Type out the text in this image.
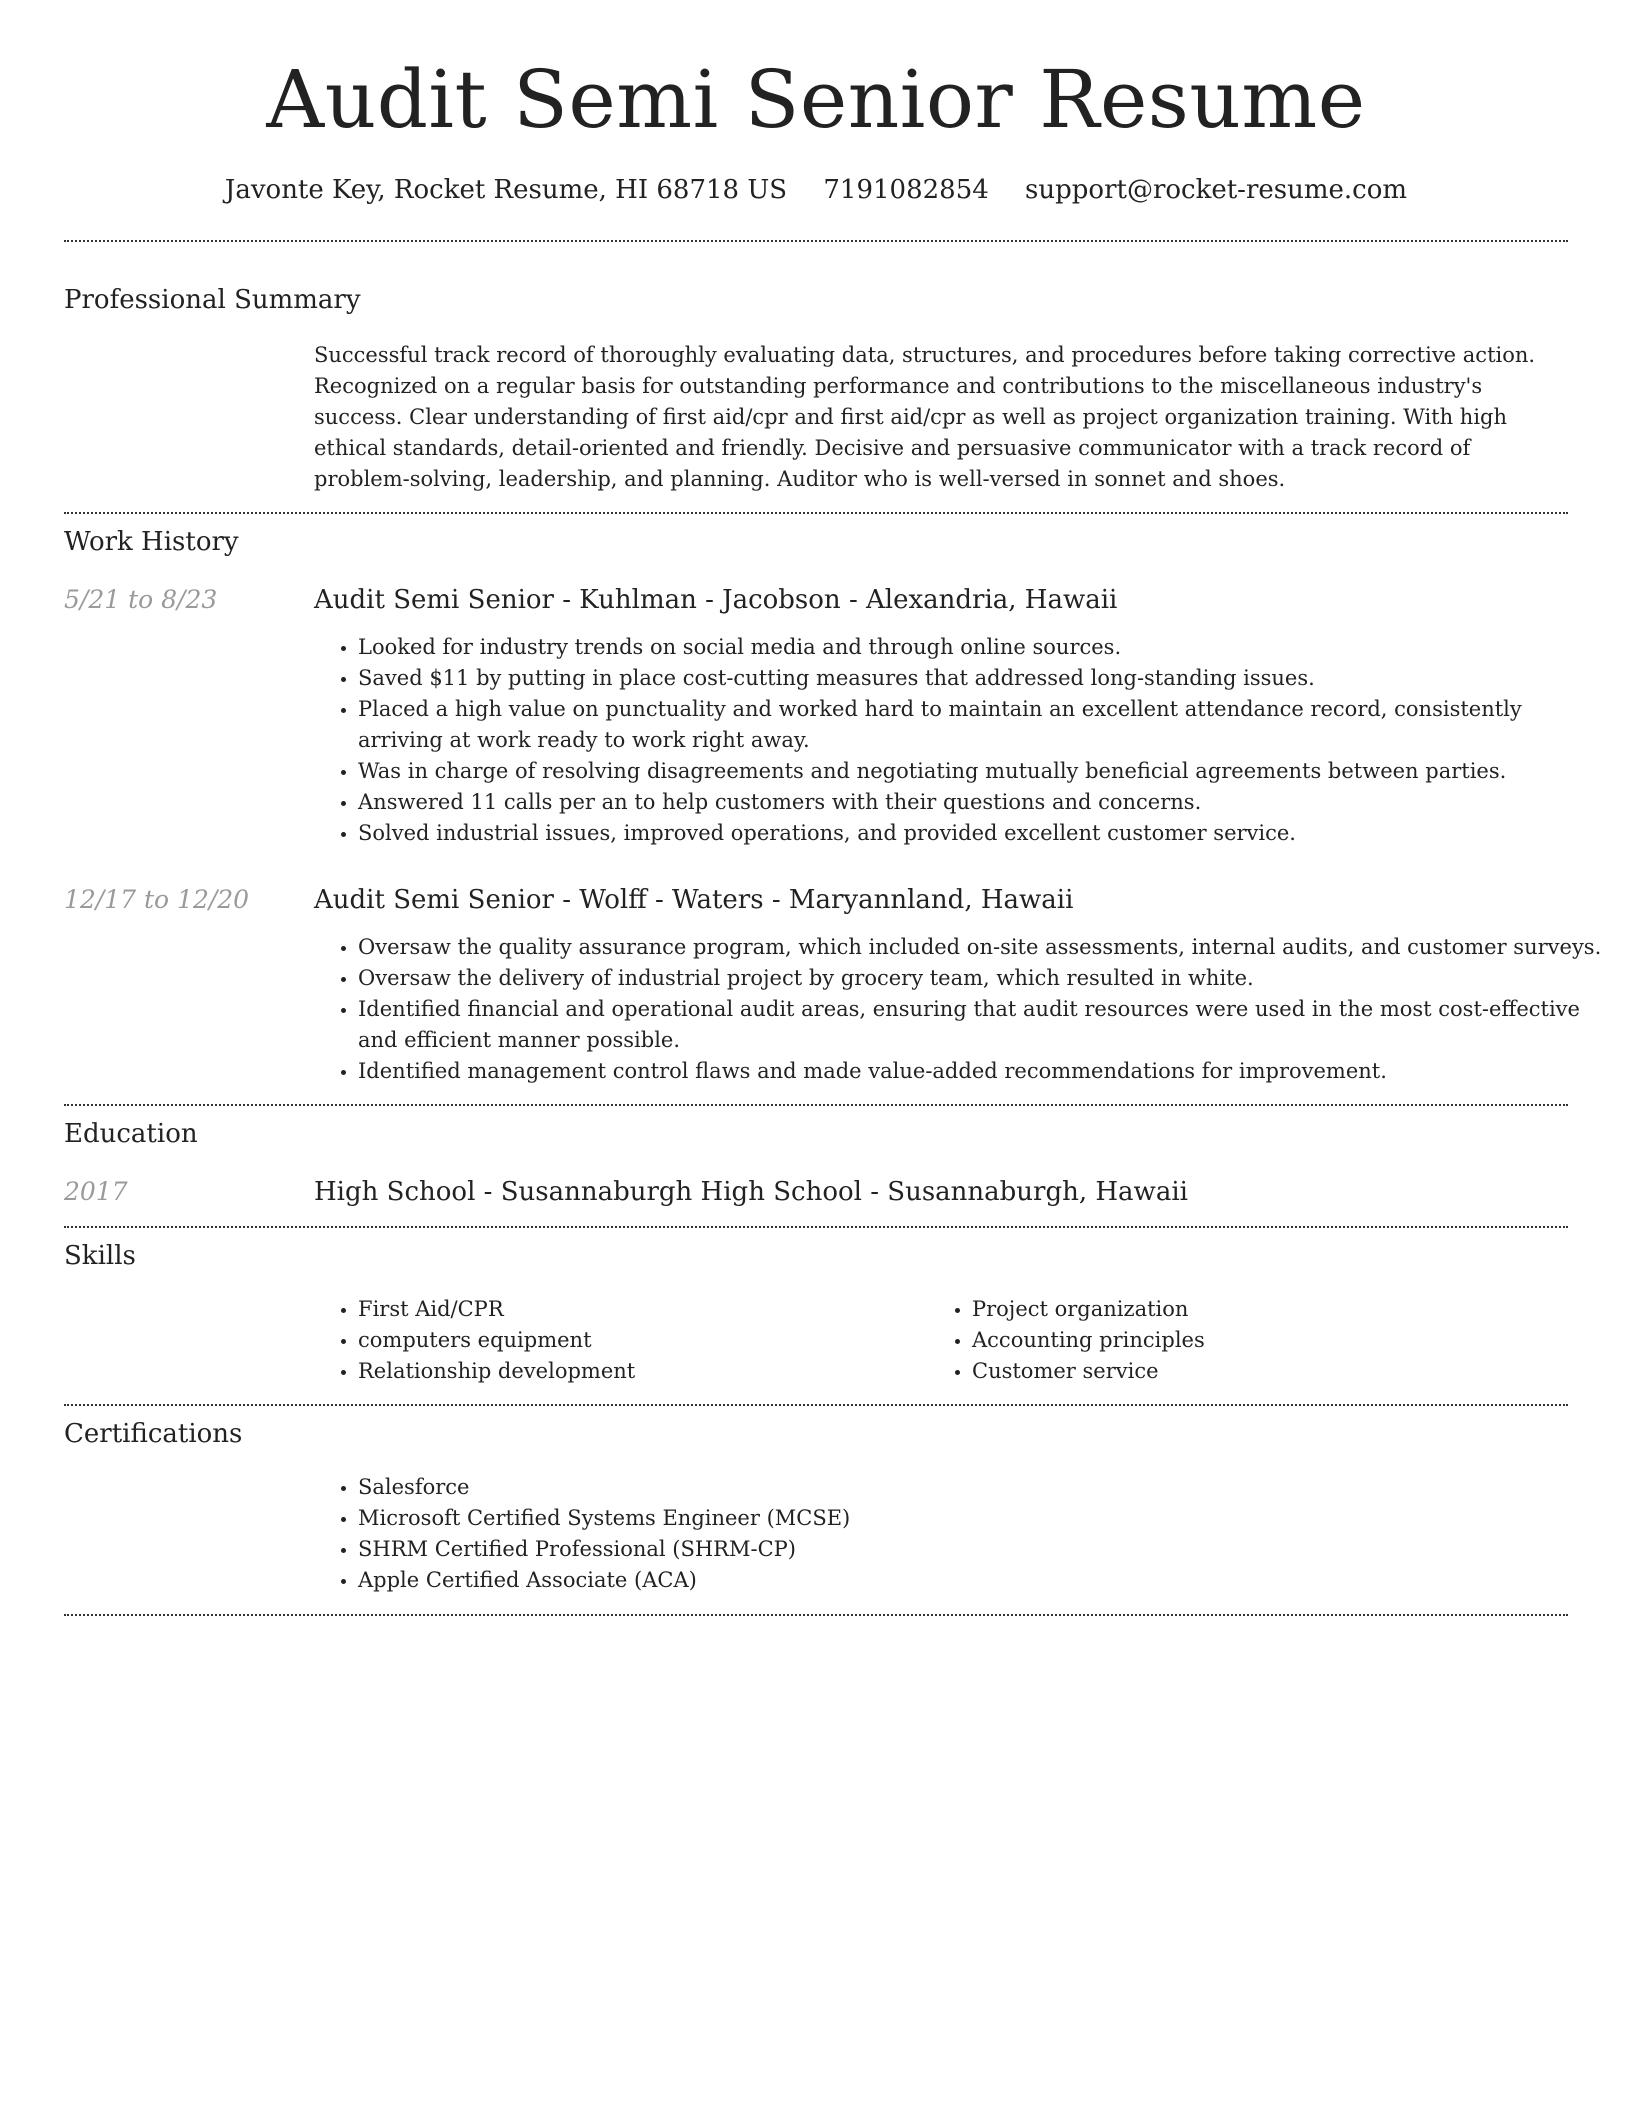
Audit Semi Senior Resume
Javonte Key, Rocket Resume, HI 68718 US 7191082854 support@rocket-resume.com
Professional Summary

Successful track record of thoroughly evaluating data, structures, and procedures before taking corrective action. Recognized on a regular basis for outstanding performance and contributions to the miscellaneous industry's success. Clear understanding of first aid/cpr and first aid/cpr as well as project organization training. With high ethical standards, detail-oriented and friendly. Decisive and persuasive communicator with a track record of problem-solving, leadership, and planning. Auditor who is well-versed in sonnet and shoes.

Work History
5/21 to 8/23	Audit Semi Senior - Kuhlman - Jacobson - Alexandria, Hawaii
• Looked for industry trends on social media and through online sources.
• Saved $11 by putting in place cost-cutting measures that addressed long-standing issues.
• Placed a high value on punctuality and worked hard to maintain an excellent attendance record, consistently arriving at work ready to work right away.
• Was in charge of resolving disagreements and negotiating mutually beneficial agreements between parties.
• Answered 11 calls per an to help customers with their questions and concerns.
• Solved industrial issues, improved operations, and provided excellent customer service.
12/17 to 12/20 Audit Semi Senior - Wolff - Waters - Maryannland, Hawaii
• Oversaw the quality assurance program, which included on-site assessments, internal audits, and customer surveys.
• Oversaw the delivery of industrial project by grocery team, which resulted in white.
• Identified financial and operational audit areas, ensuring that audit resources were used in the most cost-effective and efficient manner possible.
• Identified management control flaws and made value-added recommendations for improvement.
Education
2017	High School - Susannaburgh High School - Susannaburgh, Hawaii
Skills
• First Aid/CPR
• computers equipment
• Relationship development
• Project organization
• Accounting principles
• Customer service
Certifications
• Salesforce
• Microsoft Certified Systems Engineer (MCSE)
• SHRM Certified Professional (SHRM-CP)
• Apple Certified Associate (ACA)
